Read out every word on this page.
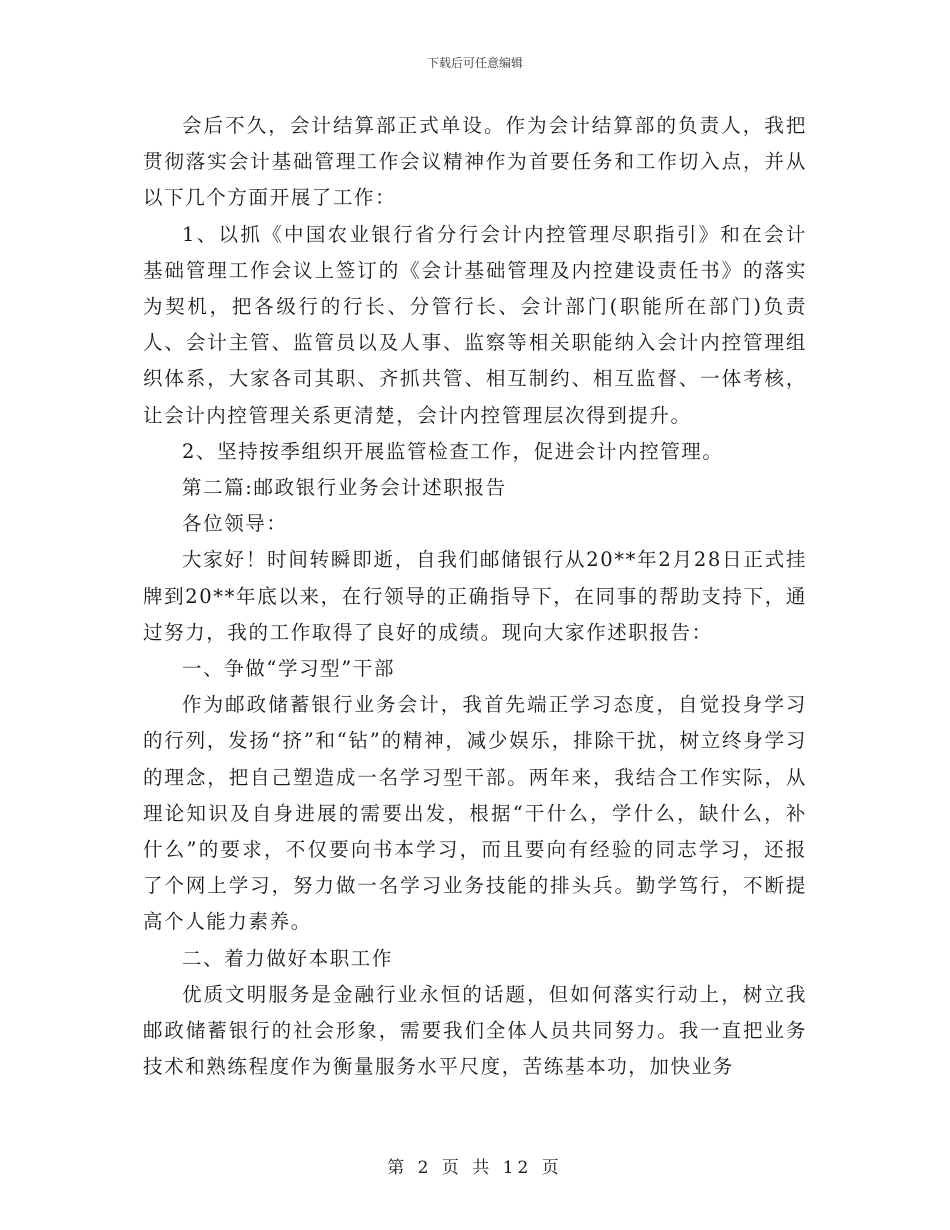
下载后可任意编辑

会后不久，会计结算部正式单设。作为会计结算部的负责人，我把贯彻落实会计基础管理工作会议精神作为首要任务和工作切入点，并从以下几个方面开展了工作：

1、以抓《中国农业银行省分行会计内控管理尽职指引》和在会计基础管理工作会议上签订的《会计基础管理及内控建设责任书》的落实为契机，把各级行的行长、分管行长、会计部门(职能所在部门)负责人、会计主管、监管员以及人事、监察等相关职能纳入会计内控管理组织体系，大家各司其职、齐抓共管、相互制约、相互监督、一体考核，让会计内控管理关系更清楚，会计内控管理层次得到提升。

2、坚持按季组织开展监管检查工作，促进会计内控管理。

第二篇:邮政银行业务会计述职报告

各位领导：

大家好！时间转瞬即逝，自我们邮储银行从20**年2月28日正式挂牌到20**年底以来，在行领导的正确指导下，在同事的帮助支持下，通过努力，我的工作取得了良好的成绩。现向大家作述职报告：

一、争做“学习型”干部

作为邮政储蓄银行业务会计，我首先端正学习态度，自觉投身学习的行列，发扬“挤”和“钻”的精神，减少娱乐，排除干扰，树立终身学习的理念，把自己塑造成一名学习型干部。两年来，我结合工作实际，从理论知识及自身进展的需要出发，根据“干什么，学什么，缺什么，补什么”的要求，不仅要向书本学习，而且要向有经验的同志学习，还报了个网上学习，努力做一名学习业务技能的排头兵。勤学笃行，不断提高个人能力素养。

二、着力做好本职工作

优质文明服务是金融行业永恒的话题，但如何落实行动上，树立我邮政储蓄银行的社会形象，需要我们全体人员共同努力。我一直把业务技术和熟练程度作为衡量服务水平尺度，苦练基本功，加快业务

第 2 页 共 12 页
